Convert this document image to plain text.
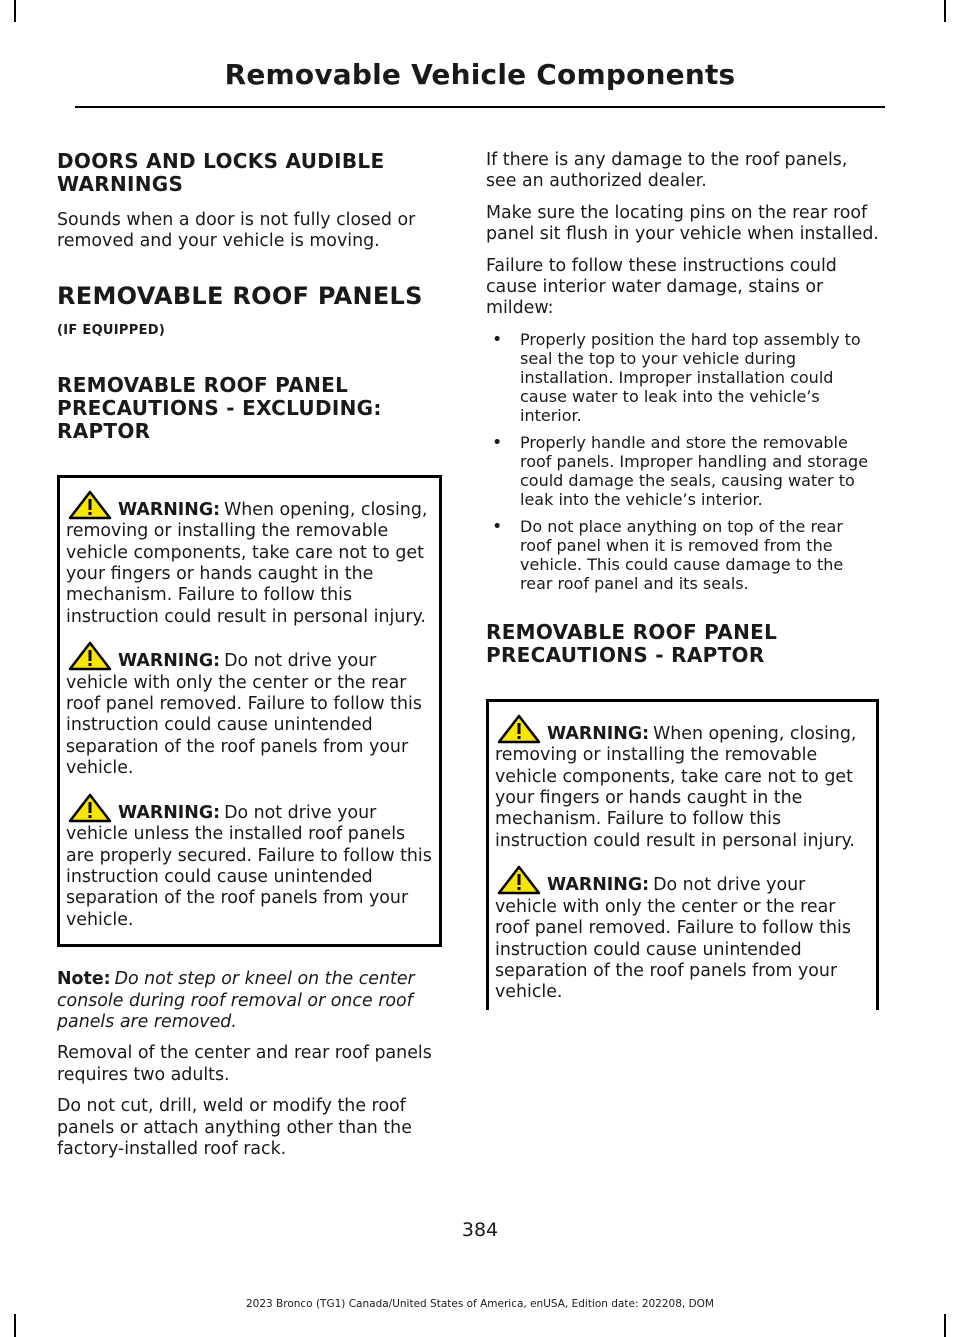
Removable Vehicle Components
DOORS AND LOCKS AUDIBLE WARNINGS

Sounds when a door is not fully closed or removed and your vehicle is moving.

REMOVABLE ROOF PANELS (IF EQUIPPED)
REMOVABLE ROOF PANEL PRECAUTIONS - EXCLUDING: RAPTOR

WARNING: When opening, closing, removing or installing the removable vehicle components, take care not to get your fingers or hands caught in the mechanism. Failure to follow this instruction could result in personal injury.

WARNING: Do not drive your vehicle with only the center or the rear roof panel removed. Failure to follow this instruction could cause unintended separation of the roof panels from your vehicle.

WARNING: Do not drive your vehicle unless the installed roof panels are properly secured. Failure to follow this instruction could cause unintended separation of the roof panels from your vehicle.

Note: Do not step or kneel on the center console during roof removal or once roof panels are removed.

Removal of the center and rear roof panels requires two adults.

Do not cut, drill, weld or modify the roof panels or attach anything other than the factory-installed roof rack.

If there is any damage to the roof panels, see an authorized dealer.

Make sure the locating pins on the rear roof panel sit flush in your vehicle when installed.

Failure to follow these instructions could cause interior water damage, stains or mildew:

• Properly position the hard top assembly to seal the top to your vehicle during installation. Improper installation could cause water to leak into the vehicle’s interior.
• Properly handle and store the removable roof panels. Improper handling and storage could damage the seals, causing water to leak into the vehicle’s interior.
• Do not place anything on top of the rear roof panel when it is removed from the vehicle. This could cause damage to the rear roof panel and its seals.
REMOVABLE ROOF PANEL PRECAUTIONS - RAPTOR

WARNING: When opening, closing, removing or installing the removable vehicle components, take care not to get your fingers or hands caught in the mechanism. Failure to follow this instruction could result in personal injury.

WARNING: Do not drive your vehicle with only the center or the rear roof panel removed. Failure to follow this instruction could cause unintended separation of the roof panels from your vehicle.

384
2023 Bronco (TG1) Canada/United States of America, enUSA, Edition date: 202208, DOM
